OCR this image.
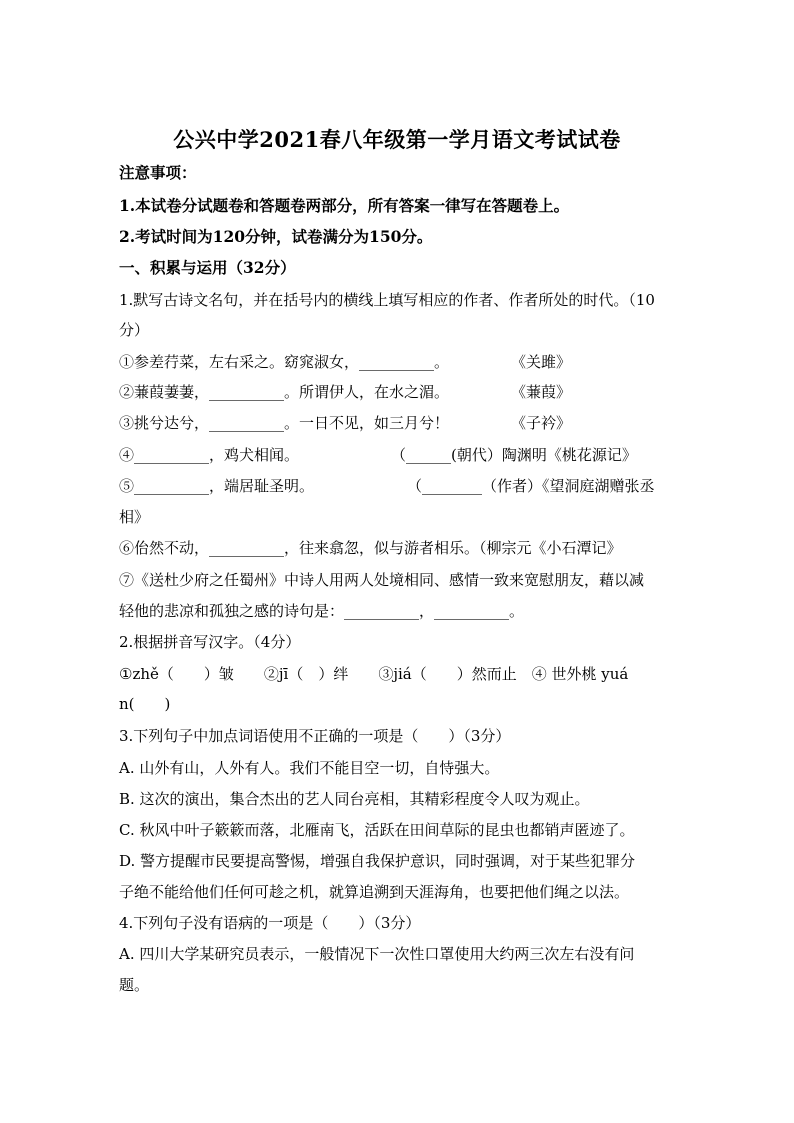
公兴中学2021春八年级第一学月语文考试试卷
注意事项：
1.本试卷分试题卷和答题卷两部分，所有答案一律写在答题卷上。
2.考试时间为120分钟，试卷满分为150分。
一、积累与运用（32分）
1.默写古诗文名句，并在括号内的横线上填写相应的作者、作者所处的时代。（10
分）
①参差荇菜，左右采之。窈窕淑女，__________。	《关雎》
②蒹葭萋萋，__________。所谓伊人，在水之湄。	《蒹葭》
③挑兮达兮，__________。一日不见，如三月兮！	《子衿》
④__________，鸡犬相闻。	（______(朝代）陶渊明《桃花源记》
⑤__________，端居耻圣明。	（________（作者）《望洞庭湖赠张丞
相》
⑥佁然不动，__________，往来翕忽，似与游者相乐。（柳宗元《小石潭记》
⑦《送杜少府之任蜀州》中诗人用两人处境相同、感情一致来宽慰朋友，藉以减
轻他的悲凉和孤独之感的诗句是：__________，__________。
2.根据拼音写汉字。（4分）
①zhě（　　）皱　　②jī（　）绊　　③jiá（　　）然而止　④ 世外桃 yuá
n(　　)
3.下列句子中加点词语使用不正确的一项是（　　）（3分）
A. 山外有山，人外有人。我们不能目空一切，自恃强大。
B. 这次的演出，集合杰出的艺人同台亮相，其精彩程度令人叹为观止。
C. 秋风中叶子簌簌而落，北雁南飞，活跃在田间草际的昆虫也都销声匿迹了。
D. 警方提醒市民要提高警惕，增强自我保护意识，同时强调，对于某些犯罪分
子绝不能给他们任何可趁之机，就算追溯到天涯海角，也要把他们绳之以法。
4.下列句子没有语病的一项是（　　）（3分）
A. 四川大学某研究员表示，一般情况下一次性口罩使用大约两三次左右没有问
题。
